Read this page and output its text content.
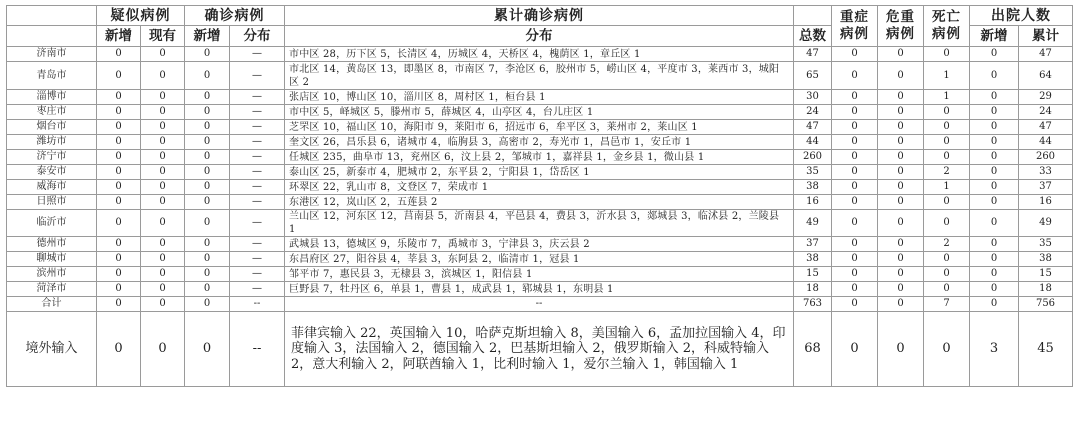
	疑似病例		确诊病例		累计确诊病例		重症病例	危重病例	死亡病例	出院人数	
	新增	现有	新增	分布	分布	总数				新增	累计
济南市	0	0	0	—	市中区 28，历下区 5，长清区 4，历城区 4，天桥区 4，槐荫区 1，章丘区 1	47	0	0	0	0	47
青岛市	0	0	0	—	市北区 14，黄岛区 13，即墨区 8，市南区 7，李沧区 6，胶州市 5，崂山区 4，平度市 3，莱西市 3，城阳区 2	65	0	0	1	0	64
淄博市	0	0	0	—	张店区 10，博山区 10，淄川区 8，周村区 1，桓台县 1	30	0	0	1	0	29
枣庄市	0	0	0	—	市中区 5，峄城区 5，滕州市 5，薛城区 4，山亭区 4，台儿庄区 1	24	0	0	0	0	24
烟台市	0	0	0	—	芝罘区 10，福山区 10，海阳市 9，莱阳市 6，招远市 6，牟平区 3，莱州市 2，莱山区 1	47	0	0	0	0	47
潍坊市	0	0	0	—	奎文区 26，昌乐县 6，诸城市 4，临朐县 3，高密市 2，寿光市 1，昌邑市 1，安丘市 1	44	0	0	0	0	44
济宁市	0	0	0	—	任城区 235，曲阜市 13，兖州区 6，汶上县 2，邹城市 1，嘉祥县 1，金乡县 1，微山县 1	260	0	0	0	0	260
泰安市	0	0	0	—	泰山区 25，新泰市 4，肥城市 2，东平县 2，宁阳县 1，岱岳区 1	35	0	0	2	0	33
威海市	0	0	0	—	环翠区 22，乳山市 8，文登区 7，荣成市 1	38	0	0	1	0	37
日照市	0	0	0	—	东港区 12，岚山区 2，五莲县 2	16	0	0	0	0	16
临沂市	0	0	0	—	兰山区 12，河东区 12，莒南县 5，沂南县 4，平邑县 4，费县 3，沂水县 3，郯城县 3，临沭县 2，兰陵县 1	49	0	0	0	0	49
德州市	0	0	0	—	武城县 13，德城区 9，乐陵市 7，禹城市 3，宁津县 3，庆云县 2	37	0	0	2	0	35
聊城市	0	0	0	—	东昌府区 27，阳谷县 4，莘县 3，东阿县 2，临清市 1，冠县 1	38	0	0	0	0	38
滨州市	0	0	0	—	邹平市 7，惠民县 3，无棣县 3，滨城区 1，阳信县 1	15	0	0	0	0	15
菏泽市	0	0	0	—	巨野县 7，牡丹区 6，单县 1，曹县 1，成武县 1，郓城县 1，东明县 1	18	0	0	0	0	18
合计	0	0	0	--	--	763	0	0	7	0	756
境外输入	0	0	0	--	菲律宾输入 22，英国输入 10，哈萨克斯坦输入 8，美国输入 6，孟加拉国输入 4，印度输入 3，法国输入 2，德国输入 2，巴基斯坦输入 2，俄罗斯输入 2，科威特输入 2，意大利输入 2，阿联酋输入 1，比利时输入 1，爱尔兰输入 1，韩国输入 1	68	0	0	0	3	45
